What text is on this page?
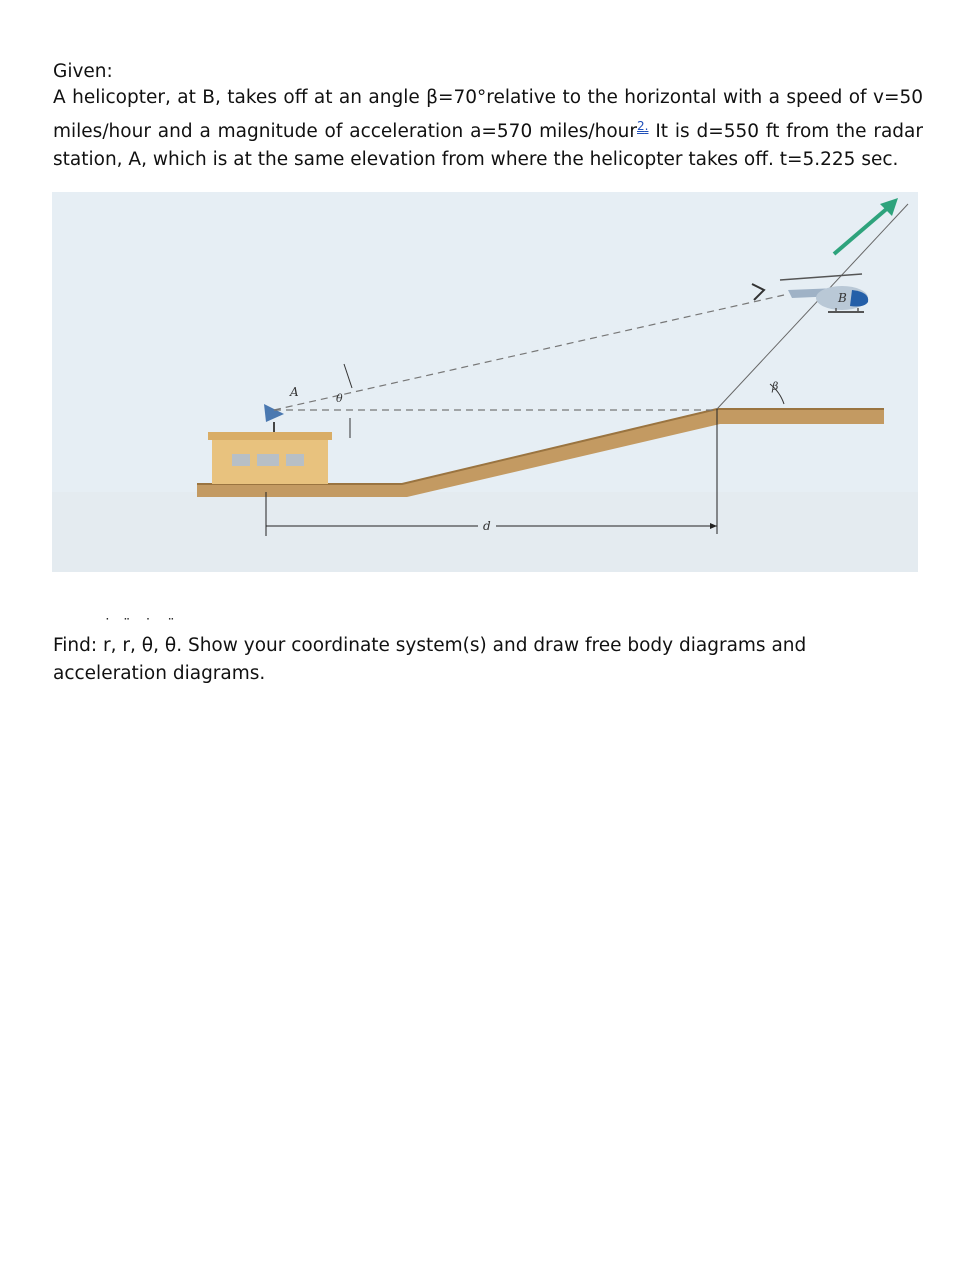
Given:
A helicopter, at B, takes off at an angle β=70°relative to the horizontal with a speed of v=50 miles/hour and a magnitude of acceleration a=570 miles/hour$^{2.}$ It is d=550 ft from the radar station, A, which is at the same elevation from where the helicopter takes off. t=5.225 sec.
A
B
θ
β
d
Find:
˙
r,
¨
r,
˙
θ,
¨
θ. Show your coordinate system(s) and draw free body diagrams and acceleration diagrams.
